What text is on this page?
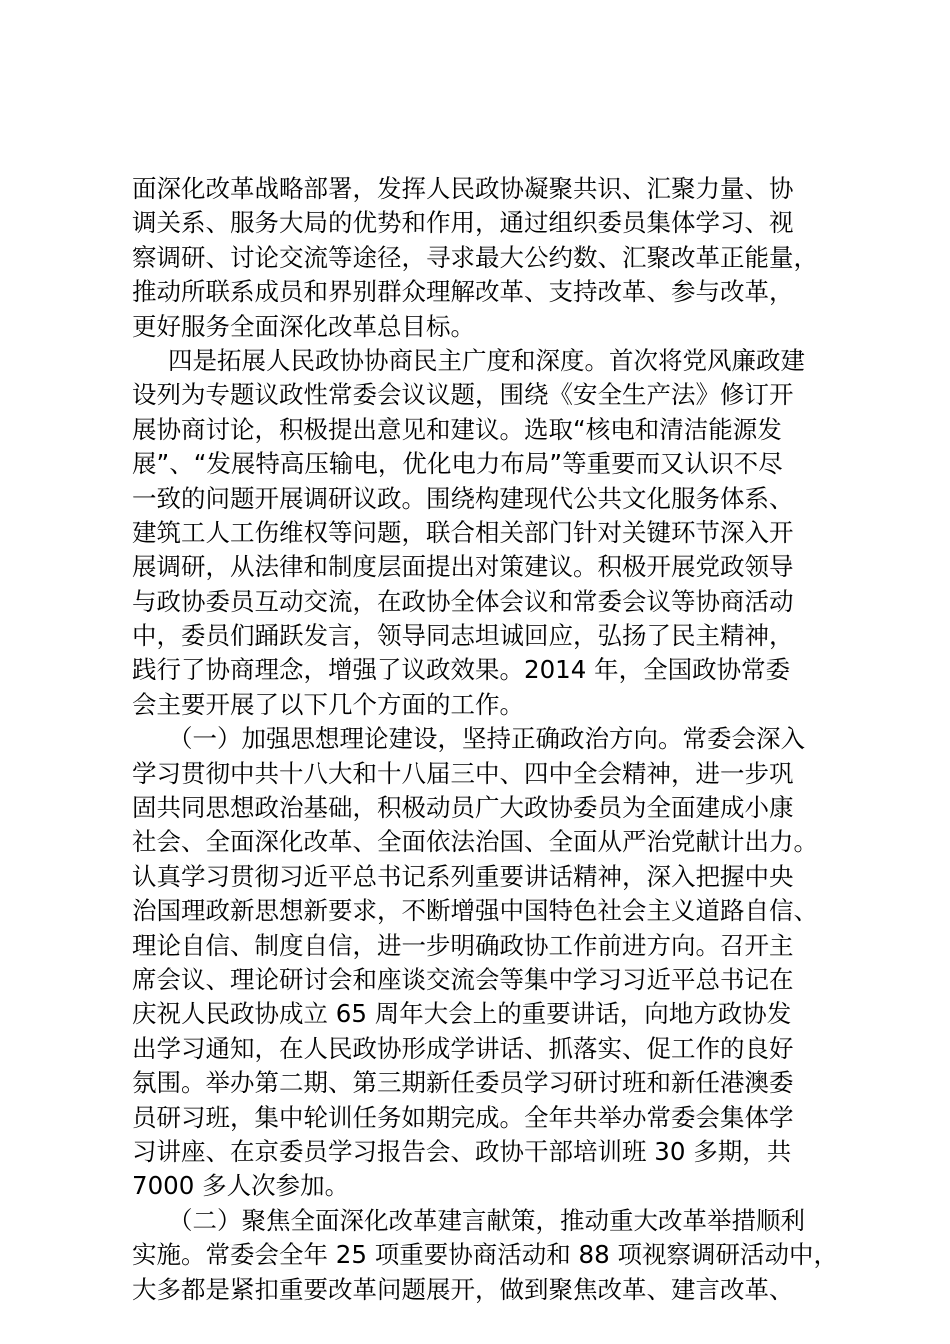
面深化改革战略部署，发挥人民政协凝聚共识、汇聚力量、协
调关系、服务大局的优势和作用，通过组织委员集体学习、视
察调研、讨论交流等途径，寻求最大公约数、汇聚改革正能量，
推动所联系成员和界别群众理解改革、支持改革、参与改革，
更好服务全面深化改革总目标。
四是拓展人民政协协商民主广度和深度。首次将党风廉政建
设列为专题议政性常委会议议题，围绕《安全生产法》修订开
展协商讨论，积极提出意见和建议。选取“核电和清洁能源发
展”、“发展特高压输电，优化电力布局”等重要而又认识不尽
一致的问题开展调研议政。围绕构建现代公共文化服务体系、
建筑工人工伤维权等问题，联合相关部门针对关键环节深入开
展调研，从法律和制度层面提出对策建议。积极开展党政领导
与政协委员互动交流，在政协全体会议和常委会议等协商活动
中，委员们踊跃发言，领导同志坦诚回应，弘扬了民主精神，
践行了协商理念，增强了议政效果。2014 年，全国政协常委
会主要开展了以下几个方面的工作。
（一）加强思想理论建设，坚持正确政治方向。常委会深入
学习贯彻中共十八大和十八届三中、四中全会精神，进一步巩
固共同思想政治基础，积极动员广大政协委员为全面建成小康
社会、全面深化改革、全面依法治国、全面从严治党献计出力。
认真学习贯彻习近平总书记系列重要讲话精神，深入把握中央
治国理政新思想新要求，不断增强中国特色社会主义道路自信、
理论自信、制度自信，进一步明确政协工作前进方向。召开主
席会议、理论研讨会和座谈交流会等集中学习习近平总书记在
庆祝人民政协成立 65 周年大会上的重要讲话，向地方政协发
出学习通知，在人民政协形成学讲话、抓落实、促工作的良好
氛围。举办第二期、第三期新任委员学习研讨班和新任港澳委
员研习班，集中轮训任务如期完成。全年共举办常委会集体学
习讲座、在京委员学习报告会、政协干部培训班 30 多期，共
7000 多人次参加。
（二）聚焦全面深化改革建言献策，推动重大改革举措顺利
实施。常委会全年 25 项重要协商活动和 88 项视察调研活动中，
大多都是紧扣重要改革问题展开，做到聚焦改革、建言改革、
